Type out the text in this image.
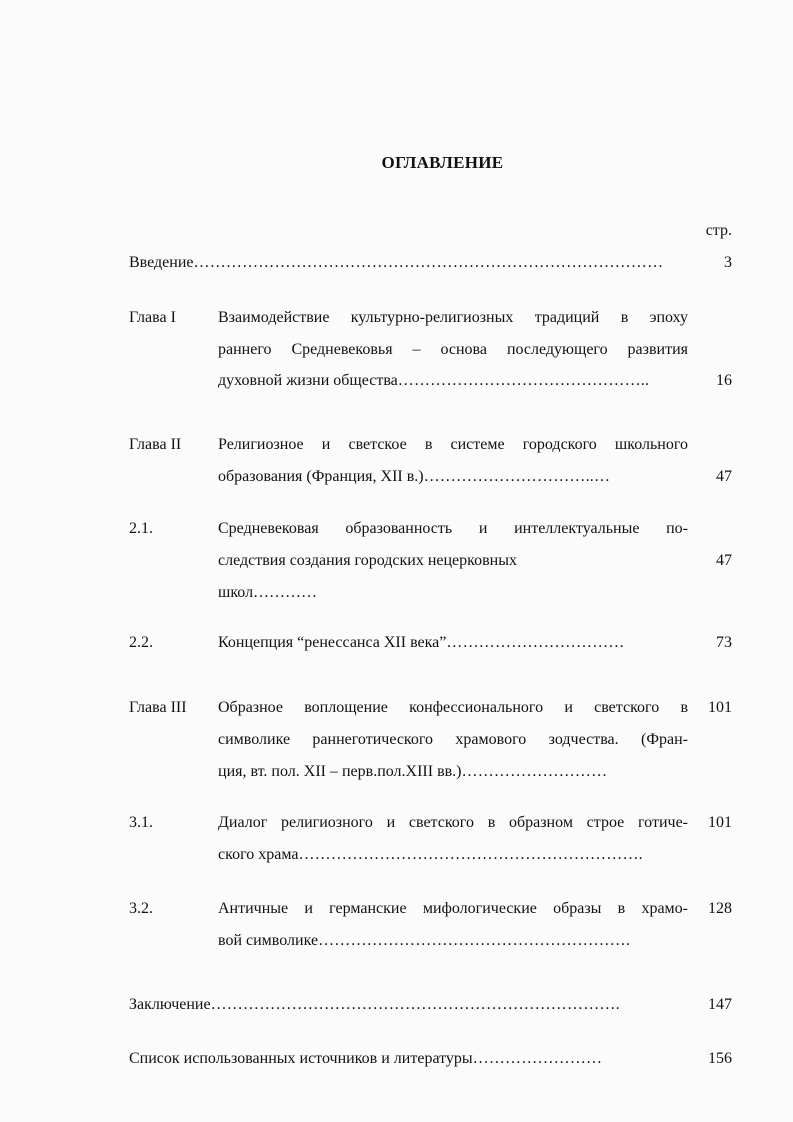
ОГЛАВЛЕНИЕ
стр.
Введение……………………………………………………………………………	3
Глава I	Взаимодействие культурно-религиозных традиций в эпоху
раннего Средневековья – основа последующего развития
духовной жизни общества………………………………………..	16
Глава II Религиозное и светское в системе городского школьного
образования (Франция, XII в.)…………………………..…	47
2.1.	Средневековая образованность и интеллектуальные по-
следствия создания городских нецерковных	47
школ…………
2.2.	Концепция “ренессанса XII века”……………………………	73
Глава III Образное воплощение конфессионального и светского в	101
символике раннеготического храмового зодчества. (Фран-
ция, вт. пол. XII – перв.пол.XIII вв.)………………………
3.1.	Диалог религиозного и светского в образном строе готиче-	101
ского храма……………………………………………………….
3.2.	Античные и германские мифологические образы в храмо-	128
вой символике………………………………………………….
Заключение………………………………………………………………….	147
Список использованных источников и литературы……………………	156
